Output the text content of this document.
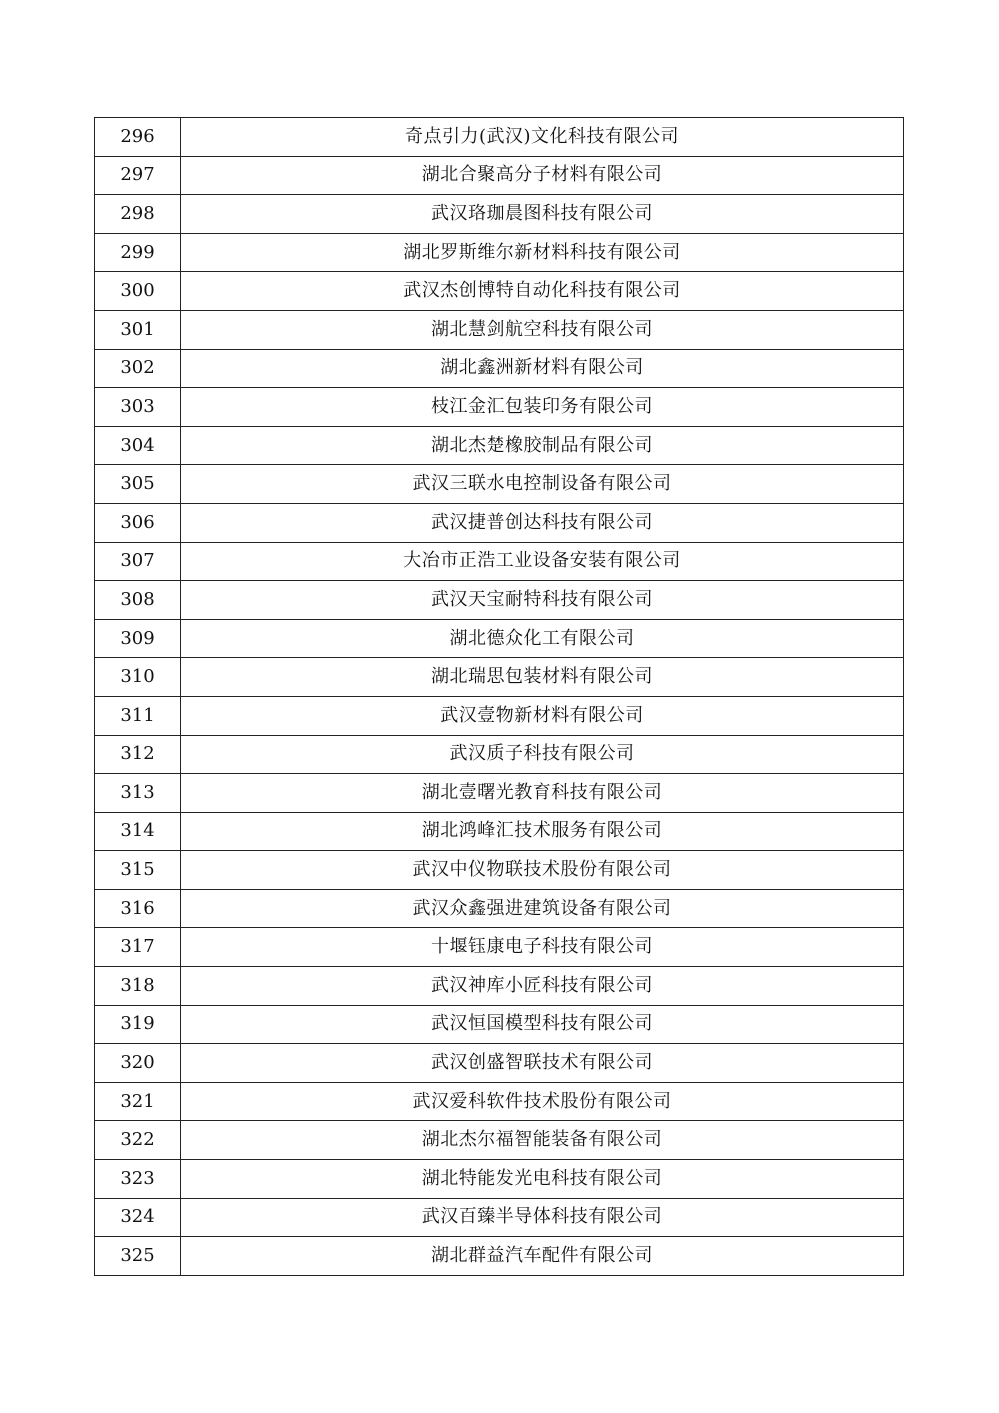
296	奇点引力(武汉)文化科技有限公司
297	湖北合聚高分子材料有限公司
298	武汉珞珈晨图科技有限公司
299	湖北罗斯维尔新材料科技有限公司
300	武汉杰创博特自动化科技有限公司
301	湖北慧剑航空科技有限公司
302	湖北鑫洲新材料有限公司
303	枝江金汇包装印务有限公司
304	湖北杰楚橡胶制品有限公司
305	武汉三联水电控制设备有限公司
306	武汉捷普创达科技有限公司
307	大冶市正浩工业设备安装有限公司
308	武汉天宝耐特科技有限公司
309	湖北德众化工有限公司
310	湖北瑞思包装材料有限公司
311	武汉壹物新材料有限公司
312	武汉质子科技有限公司
313	湖北壹曙光教育科技有限公司
314	湖北鸿峰汇技术服务有限公司
315	武汉中仪物联技术股份有限公司
316	武汉众鑫强进建筑设备有限公司
317	十堰钰康电子科技有限公司
318	武汉神库小匠科技有限公司
319	武汉恒国模型科技有限公司
320	武汉创盛智联技术有限公司
321	武汉爱科软件技术股份有限公司
322	湖北杰尔福智能装备有限公司
323	湖北特能发光电科技有限公司
324	武汉百臻半导体科技有限公司
325	湖北群益汽车配件有限公司
